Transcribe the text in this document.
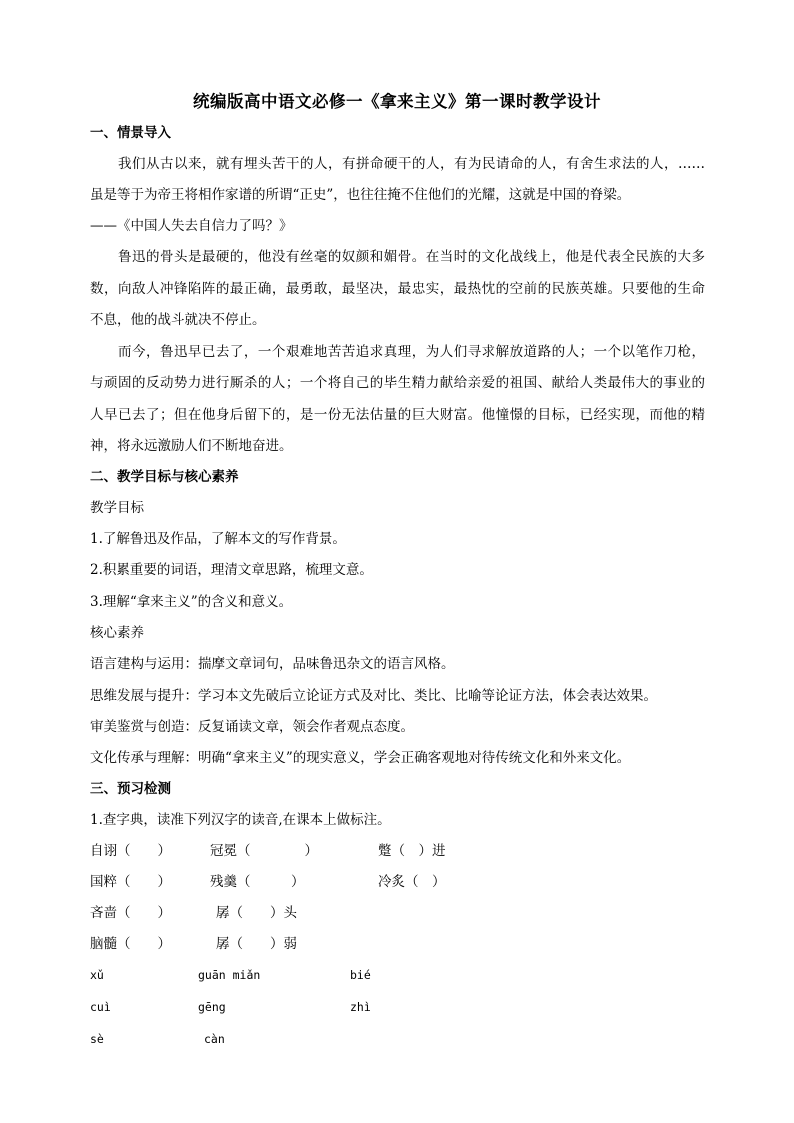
统编版高中语文必修一《拿来主义》第一课时教学设计
一、情景导入
我们从古以来，就有埋头苦干的人，有拼命硬干的人，有为民请命的人，有舍生求法的人，……
虽是等于为帝王将相作家谱的所谓“正史”，也往往掩不住他们的光耀，这就是中国的脊梁。
——《中国人失去自信力了吗？》
鲁迅的骨头是最硬的，他没有丝毫的奴颜和媚骨。在当时的文化战线上，他是代表全民族的大多
数，向敌人冲锋陷阵的最正确，最勇敢，最坚决，最忠实，最热忱的空前的民族英雄。只要他的生命
不息，他的战斗就决不停止。
而今，鲁迅早已去了，一个艰难地苦苦追求真理，为人们寻求解放道路的人；一个以笔作刀枪，
与顽固的反动势力进行厮杀的人；一个将自己的毕生精力献给亲爱的祖国、献给人类最伟大的事业的
人早已去了；但在他身后留下的，是一份无法估量的巨大财富。他憧憬的目标，已经实现，而他的精
神，将永远激励人们不断地奋进。
二、教学目标与核心素养
教学目标
1.了解鲁迅及作品，了解本文的写作背景。
2.积累重要的词语，理清文章思路，梳理文意。
3.理解“拿来主义”的含义和意义。
核心素养
语言建构与运用：揣摩文章词句，品味鲁迅杂文的语言风格。
思维发展与提升：学习本文先破后立论证方式及对比、类比、比喻等论证方法，体会表达效果。
审美鉴赏与创造：反复诵读文章，领会作者观点态度。
文化传承与理解：明确“拿来主义”的现实意义，学会正确客观地对待传统文化和外来文化。
三、预习检测
1.查字典，读准下列汉字的读音,在课本上做标注。
自诩（　　）	冠冕（　　　　）	蹩（　）进
国粹（　　）	残羹（　　　）	冷炙（　）
吝啬（　　）	孱（　　）头
脑髓（　　）	孱（　　）弱
xǔ	guān miǎn	bié
cuì	gēng	zhì
sè	càn
